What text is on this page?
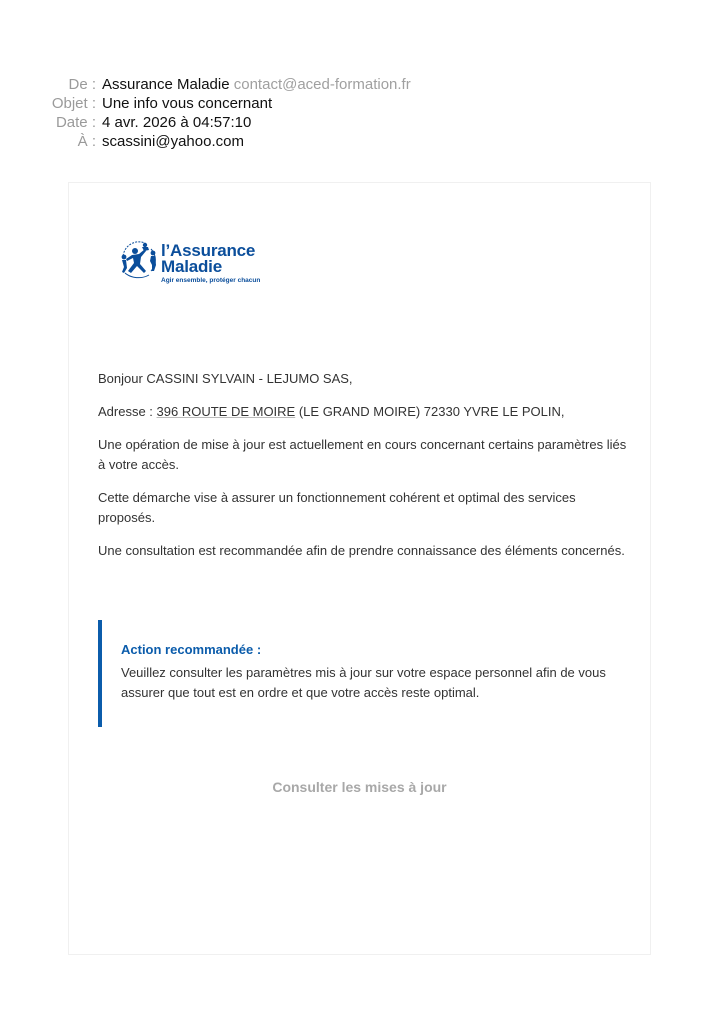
De : Assurance Maladie contact@aced-formation.fr
Objet : Une info vous concernant
Date : 4 avr. 2026 à 04:57:10
À : scassini@yahoo.com
l’Assurance
Maladie
Agir ensemble, protéger chacun

Bonjour CASSINI SYLVAIN - LEJUMO SAS,

Adresse : 396 ROUTE DE MOIRE (LE GRAND MOIRE) 72330 YVRE LE POLIN,

Une opération de mise à jour est actuellement en cours concernant certains paramètres liés à votre accès.

Cette démarche vise à assurer un fonctionnement cohérent et optimal des services proposés.

Une consultation est recommandée afin de prendre connaissance des éléments concernés.

Action recommandée :
Veuillez consulter les paramètres mis à jour sur votre espace personnel afin de vous assurer que tout est en ordre et que votre accès reste optimal.
Consulter les mises à jour
